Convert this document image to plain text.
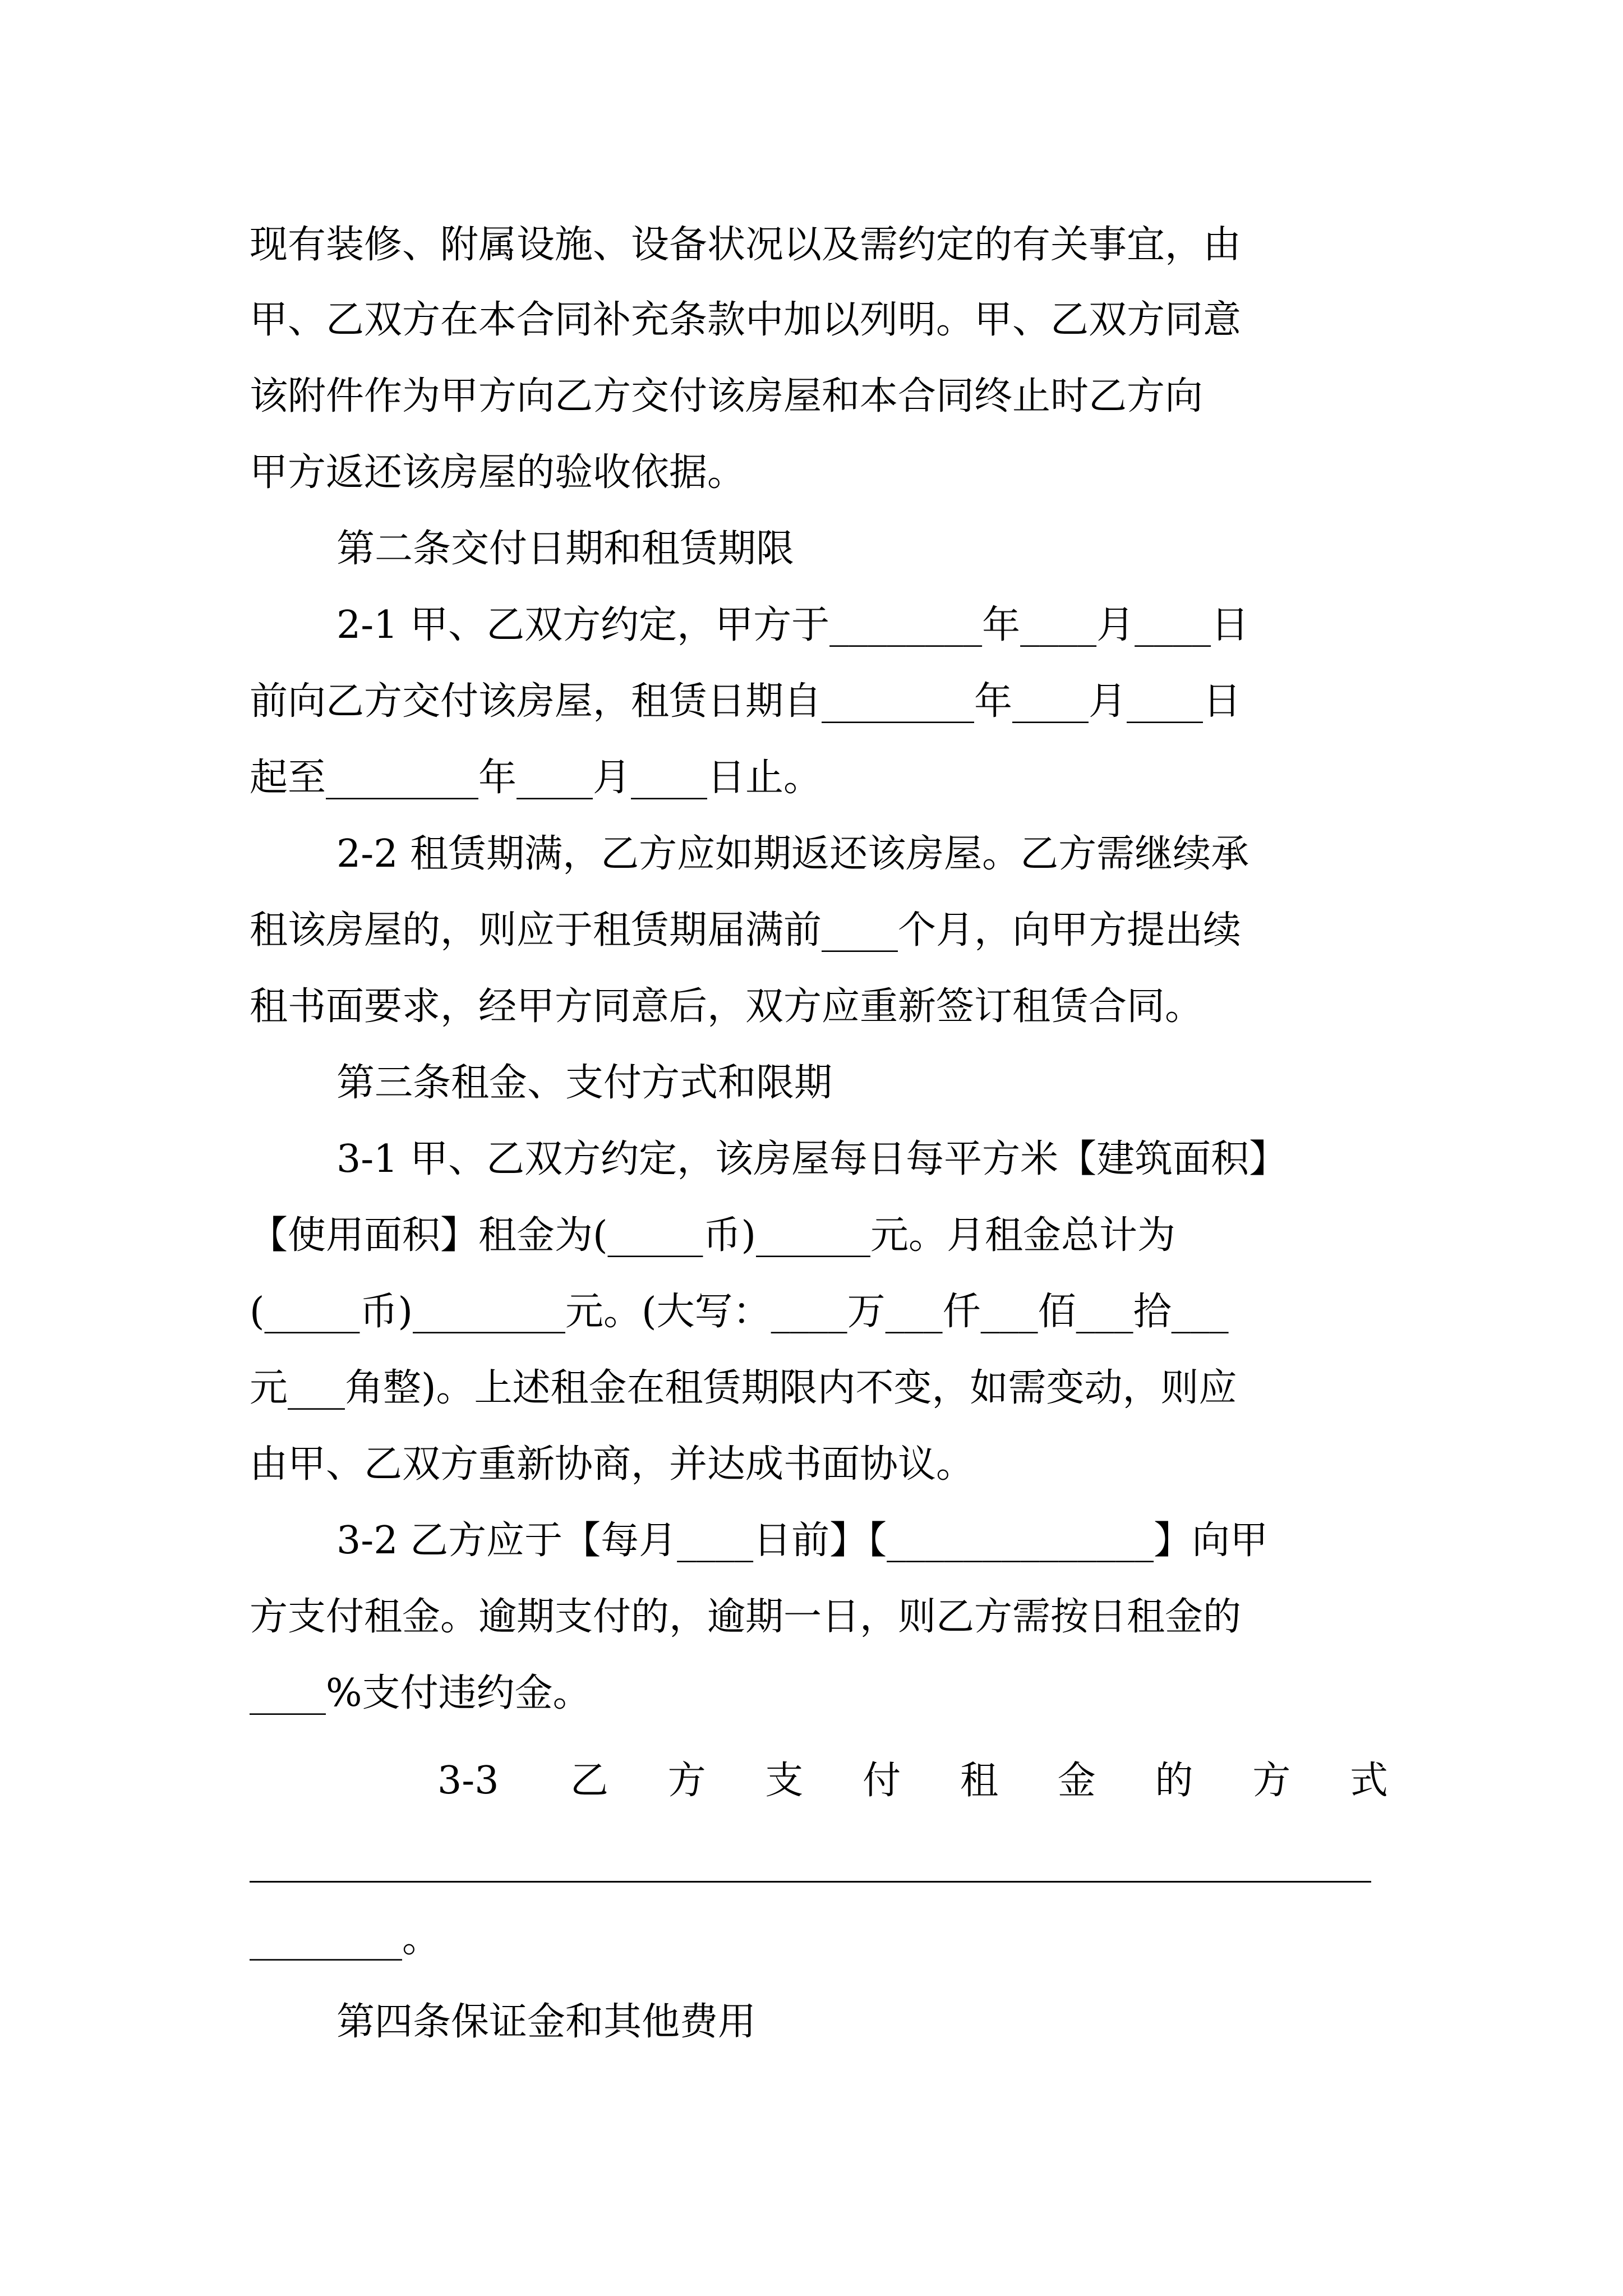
现有装修、附属设施、设备状况以及需约定的有关事宜，由
甲、乙双方在本合同补充条款中加以列明。甲、乙双方同意
该附件作为甲方向乙方交付该房屋和本合同终止时乙方向
甲方返还该房屋的验收依据。
第二条交付日期和租赁期限
2-1 甲、乙双方约定，甲方于________年____月____日
前向乙方交付该房屋，租赁日期自________年____月____日
起至________年____月____日止。
2-2 租赁期满，乙方应如期返还该房屋。乙方需继续承
租该房屋的，则应于租赁期届满前____个月，向甲方提出续
租书面要求，经甲方同意后，双方应重新签订租赁合同。
第三条租金、支付方式和限期
3-1 甲、乙双方约定，该房屋每日每平方米【建筑面积】
【使用面积】租金为(_____币)______元。月租金总计为
(_____币)________元。(大写：____万___仟___佰___拾___
元___角整)。上述租金在租赁期限内不变，如需变动，则应
由甲、乙双方重新协商，并达成书面协议。
3-2 乙方应于【每月____日前】【______________】向甲
方支付租金。逾期支付的，逾期一日，则乙方需按日租金的
____%支付违约金。
3-3 乙方支付租金的方式
________。
第四条保证金和其他费用
